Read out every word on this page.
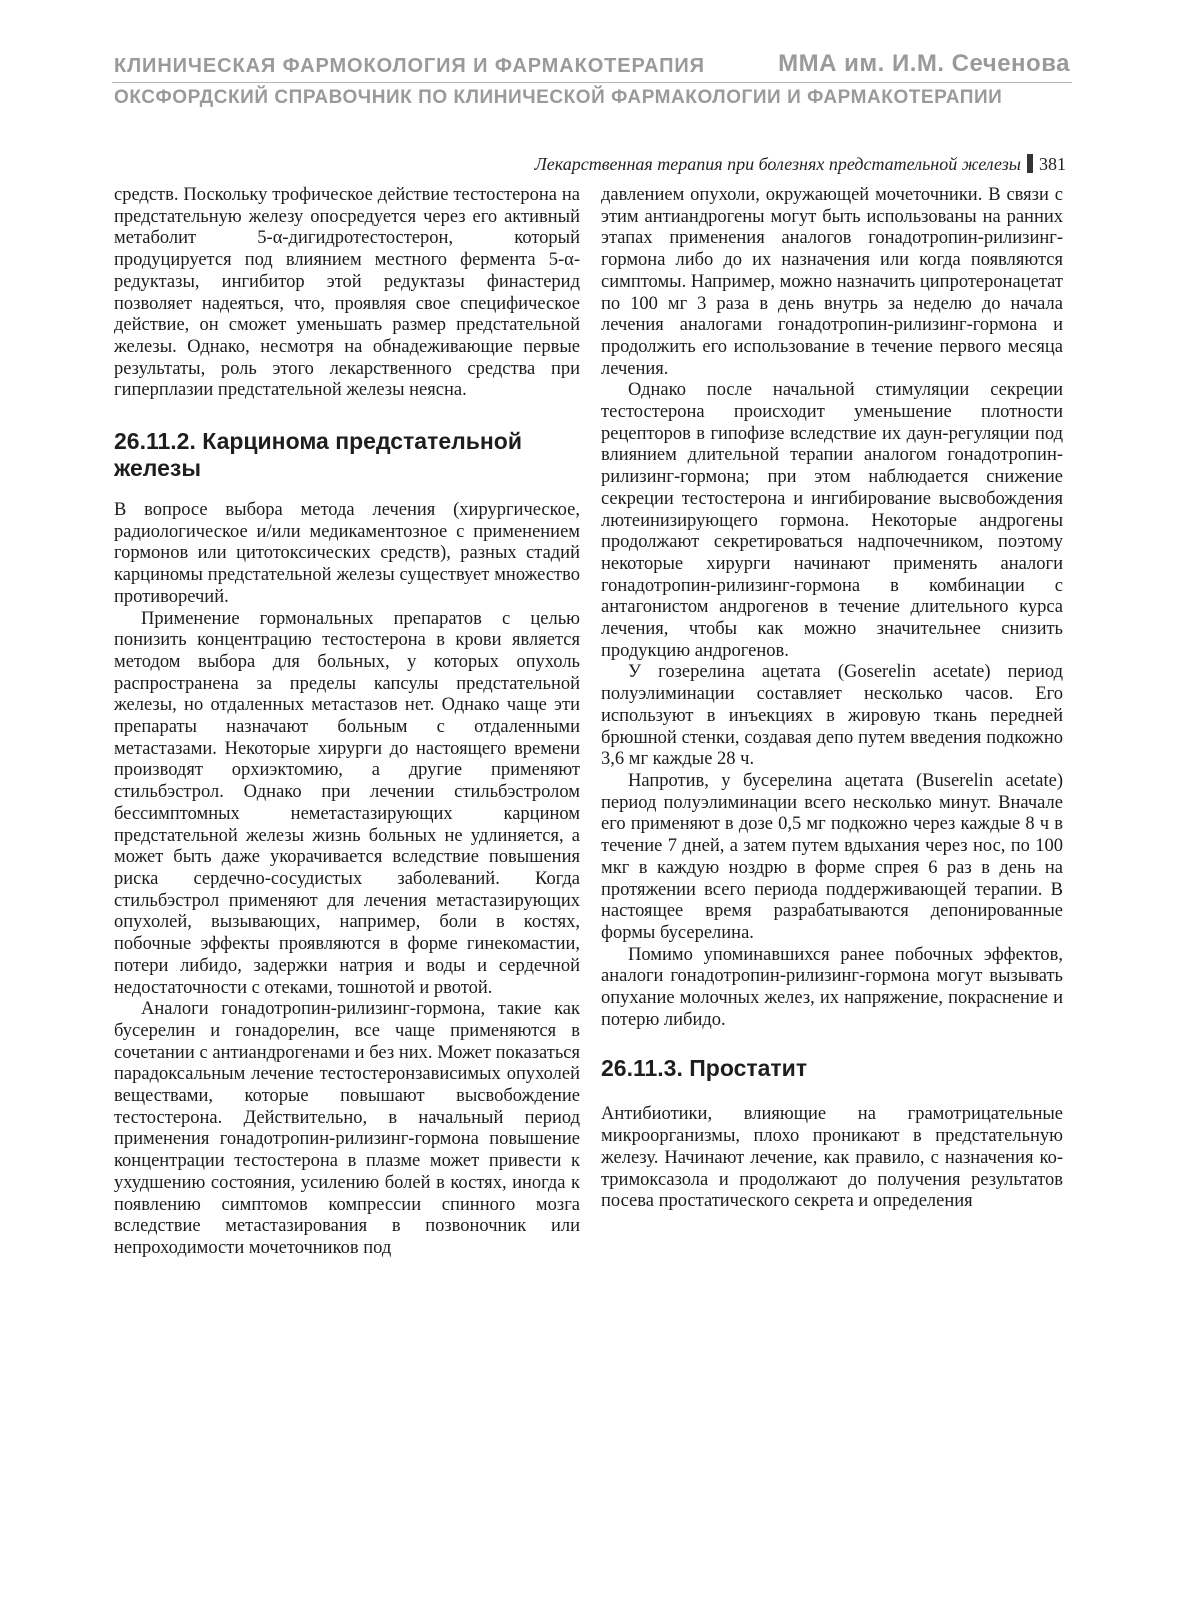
КЛИНИЧЕСКАЯ ФАРМОКОЛОГИЯ И ФАРМАКОТЕРАПИЯ	ММА им. И.М. Сеченова
ОКСФОРДСКИЙ СПРАВОЧНИК ПО КЛИНИЧЕСКОЙ ФАРМАКОЛОГИИ И ФАРМАКОТЕРАПИИ
Лекарственная терапия при болезнях предстательной железы 381

средств. Поскольку трофическое действие тестостерона на предстательную железу опосредуется через его активный метаболит 5-α-дигидротестостерон, который продуцируется под влиянием местного фермента 5-α-редуктазы, ингибитор этой редуктазы финастерид позволяет надеяться, что, проявляя свое специфическое действие, он сможет уменьшать размер предстательной железы. Однако, несмотря на обнадеживающие первые результаты, роль этого лекарственного средства при гиперплазии предстательной железы неясна.

26.11.2. Карцинома предстательной железы

В вопросе выбора метода лечения (хирургическое, радиологическое и/или медикаментозное с применением гормонов или цитотоксических средств), разных стадий карциномы предстательной железы существует множество противоречий.

Применение гормональных препаратов с целью понизить концентрацию тестостерона в крови является методом выбора для больных, у которых опухоль распространена за пределы капсулы предстательной железы, но отдаленных метастазов нет. Однако чаще эти препараты назначают больным с отдаленными метастазами. Некоторые хирурги до настоящего времени производят орхиэктомию, а другие применяют стильбэстрол. Однако при лечении стильбэстролом бессимптомных неметастазирующих карцином предстательной железы жизнь больных не удлиняется, а может быть даже укорачивается вследствие повышения риска сердечно-сосудистых заболеваний. Когда стильбэстрол применяют для лечения метастазирующих опухолей, вызывающих, например, боли в костях, побочные эффекты проявляются в форме гинекомастии, потери либидо, задержки натрия и воды и сердечной недостаточности с отеками, тошнотой и рвотой.

Аналоги гонадотропин-рилизинг-гормона, такие как бусерелин и гонадорелин, все чаще применяются в сочетании с антиандрогенами и без них. Может показаться парадоксальным лечение тестостеронзависимых опухолей веществами, которые повышают высвобождение тестостерона. Действительно, в начальный период применения гонадотропин-рилизинг-гормона повышение концентрации тестостерона в плазме может привести к ухудшению состояния, усилению болей в костях, иногда к появлению симптомов компрессии спинного мозга вследствие метастазирования в позвоночник или непроходимости мочеточников под

давлением опухоли, окружающей мочеточники. В связи с этим антиандрогены могут быть использованы на ранних этапах применения аналогов гонадотропин-рилизинг-гормона либо до их назначения или когда появляются симптомы. Например, можно назначить ципротеронацетат по 100 мг 3 раза в день внутрь за неделю до начала лечения аналогами гонадотропин-рилизинг-гормона и продолжить его использование в течение первого месяца лечения.

Однако после начальной стимуляции секреции тестостерона происходит уменьшение плотности рецепторов в гипофизе вследствие их даун-регуляции под влиянием длительной терапии аналогом гонадотропин-рилизинг-гормона; при этом наблюдается снижение секреции тестостерона и ингибирование высвобождения лютеинизирующего гормона. Некоторые андрогены продолжают секретироваться надпочечником, поэтому некоторые хирурги начинают применять аналоги гонадотропин-рилизинг-гормона в комбинации с антагонистом андрогенов в течение длительного курса лечения, чтобы как можно значительнее снизить продукцию андрогенов.

У гозерелина ацетата (Goserelin acetate) период полуэлиминации составляет несколько часов. Его используют в инъекциях в жировую ткань передней брюшной стенки, создавая депо путем введения подкожно 3,6 мг каждые 28 ч.

Напротив, у бусерелина ацетата (Buserelin acetate) период полуэлиминации всего несколько минут. Вначале его применяют в дозе 0,5 мг подкожно через каждые 8 ч в течение 7 дней, а затем путем вдыхания через нос, по 100 мкг в каждую ноздрю в форме спрея 6 раз в день на протяжении всего периода поддерживающей терапии. В настоящее время разрабатываются депонированные формы бусерелина.

Помимо упоминавшихся ранее побочных эффектов, аналоги гонадотропин-рилизинг-гормона могут вызывать опухание молочных желез, их напряжение, покраснение и потерю либидо.

26.11.3. Простатит

Антибиотики, влияющие на грамотрицательные микроорганизмы, плохо проникают в предстательную железу. Начинают лечение, как правило, с назначения ко-тримоксазола и продолжают до получения результатов посева простатического секрета и определения
